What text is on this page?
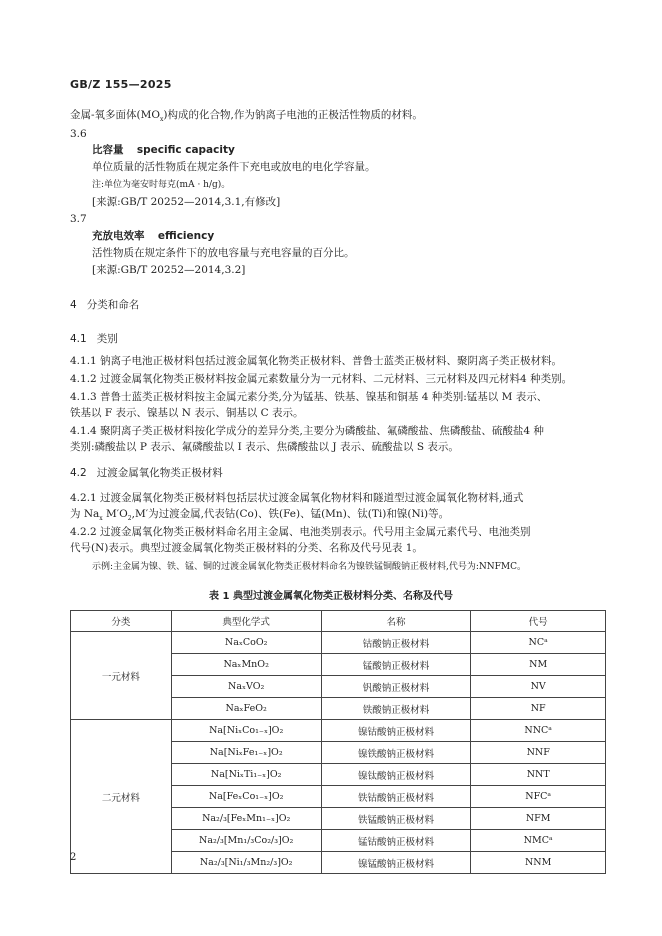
GB/Z 155—2025
金属-氧多面体$(MO_x)$构成的化合物,作为钠离子电池的正极活性物质的材料。
3.6
比容量 specific capacity
单位质量的活性物质在规定条件下充电或放电的电化学容量。
注:单位为毫安时每克(mA · h/g)。
[来源:GB/T 20252—2014,3.1,有修改]
3.7
充放电效率 efficiency
活性物质在规定条件下的放电容量与充电容量的百分比。
[来源:GB/T 20252—2014,3.2]
4 分类和命名
4.1 类别
4.1.1 钠离子电池正极材料包括过渡金属氧化物类正极材料、普鲁士蓝类正极材料、聚阴离子类正极材料。
4.1.2 过渡金属氧化物类正极材料按金属元素数量分为一元材料、二元材料、三元材料及四元材料4 种类别。
4.1.3 普鲁士蓝类正极材料按主金属元素分类,分为锰基、铁基、镍基和铜基 4 种类别:锰基以 M 表示、
铁基以 F 表示、镍基以 N 表示、铜基以 C 表示。
4.1.4 聚阴离子类正极材料按化学成分的差异分类,主要分为磷酸盐、氟磷酸盐、焦磷酸盐、硫酸盐4 种
类别:磷酸盐以 P 表示、氟磷酸盐以 I 表示、焦磷酸盐以 J 表示、硫酸盐以 S 表示。
4.2 过渡金属氧化物类正极材料
4.2.1 过渡金属氧化物类正极材料包括层状过渡金属氧化物材料和隧道型过渡金属氧化物材料,通式
为 $Na_x$ $M'O_2,M'$为过渡金属,代表钴(Co)、铁(Fe)、锰(Mn)、钛(Ti)和镍(Ni)等。
4.2.2 过渡金属氧化物类正极材料命名用主金属、电池类别表示。代号用主金属元素代号、电池类别
代号(N)表示。典型过渡金属氧化物类正极材料的分类、名称及代号见表 1。
示例:主金属为镍、铁、锰、铜的过渡金属氧化物类正极材料命名为镍铁锰铜酸钠正极材料,代号为:NNFMC。
表 1 典型过渡金属氧化物类正极材料分类、名称及代号
分类	典型化学式	名称	代号
一元材料	NaₓCoO₂	钴酸钠正极材料	NCᵃ
	NaₓMnO₂	锰酸钠正极材料	NM
	NaₓVO₂	钒酸钠正极材料	NV
	NaₓFeO₂	铁酸钠正极材料	NF
二元材料	Na[NiₓCo₁₋ₓ]O₂	镍钴酸钠正极材料	NNCᵃ
	Na[NiₓFe₁₋ₓ]O₂	镍铁酸钠正极材料	NNF
	Na[NiₓTi₁₋ₓ]O₂	镍钛酸钠正极材料	NNT
	Na[FeₓCo₁₋ₓ]O₂	铁钴酸钠正极材料	NFCᵃ
	Na₂/₃[FeₓMn₁₋ₓ]O₂	铁锰酸钠正极材料	NFM
	Na₂/₃[Mn₁/₃Co₂/₃]O₂	锰钴酸钠正极材料	NMCᵃ
	Na₂/₃[Ni₁/₃Mn₂/₃]O₂	镍锰酸钠正极材料	NNM
2
